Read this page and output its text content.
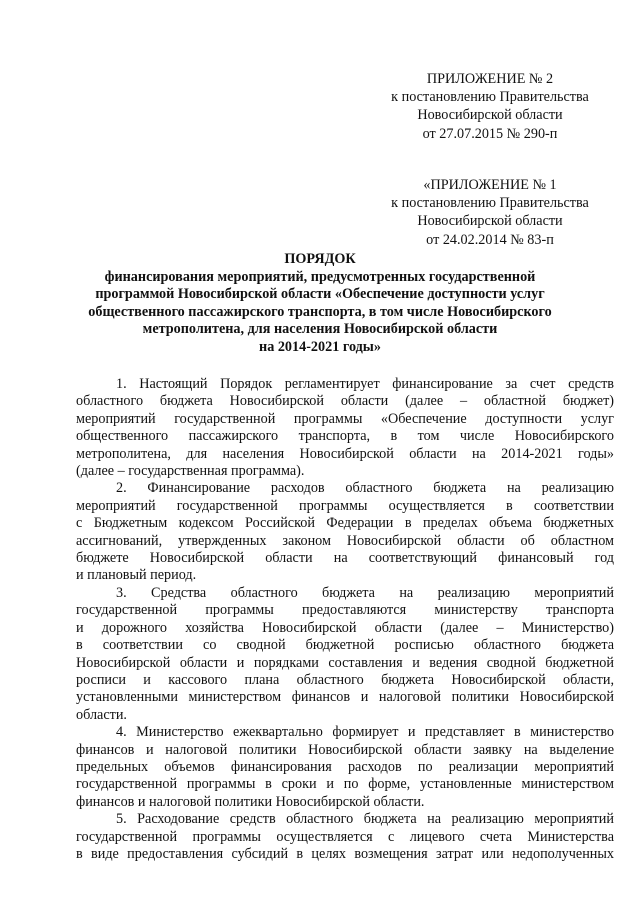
ПРИЛОЖЕНИЕ № 2
к постановлению Правительства
Новосибирской области
от 27.07.2015 № 290-п
«ПРИЛОЖЕНИЕ № 1
к постановлению Правительства
Новосибирской области
от 24.02.2014 № 83-п
ПОРЯДОК
финансирования мероприятий, предусмотренных государственной
программой Новосибирской области «Обеспечение доступности услуг
общественного пассажирского транспорта, в том числе Новосибирского
метрополитена, для населения Новосибирской области
на 2014-2021 годы»
1. Настоящий Порядок регламентирует финансирование за счет средств
областного бюджета Новосибирской области (далее – областной бюджет)
мероприятий государственной программы «Обеспечение доступности услуг
общественного пассажирского транспорта, в том числе Новосибирского
метрополитена, для населения Новосибирской области на 2014-2021 годы»
(далее – государственная программа).
2. Финансирование расходов областного бюджета на реализацию
мероприятий государственной программы осуществляется в соответствии
с Бюджетным кодексом Российской Федерации в пределах объема бюджетных
ассигнований, утвержденных законом Новосибирской области об областном
бюджете Новосибирской области на соответствующий финансовый год
и плановый период.
3. Средства областного бюджета на реализацию мероприятий
государственной программы предоставляются министерству транспорта
и дорожного хозяйства Новосибирской области (далее – Министерство)
в соответствии со сводной бюджетной росписью областного бюджета
Новосибирской области и порядками составления и ведения сводной бюджетной
росписи и кассового плана областного бюджета Новосибирской области,
установленными министерством финансов и налоговой политики Новосибирской
области.
4. Министерство ежеквартально формирует и представляет в министерство
финансов и налоговой политики Новосибирской области заявку на выделение
предельных объемов финансирования расходов по реализации мероприятий
государственной программы в сроки и по форме, установленные министерством
финансов и налоговой политики Новосибирской области.
5. Расходование средств областного бюджета на реализацию мероприятий
государственной программы осуществляется с лицевого счета Министерства
в виде предоставления субсидий в целях возмещения затрат или недополученных
